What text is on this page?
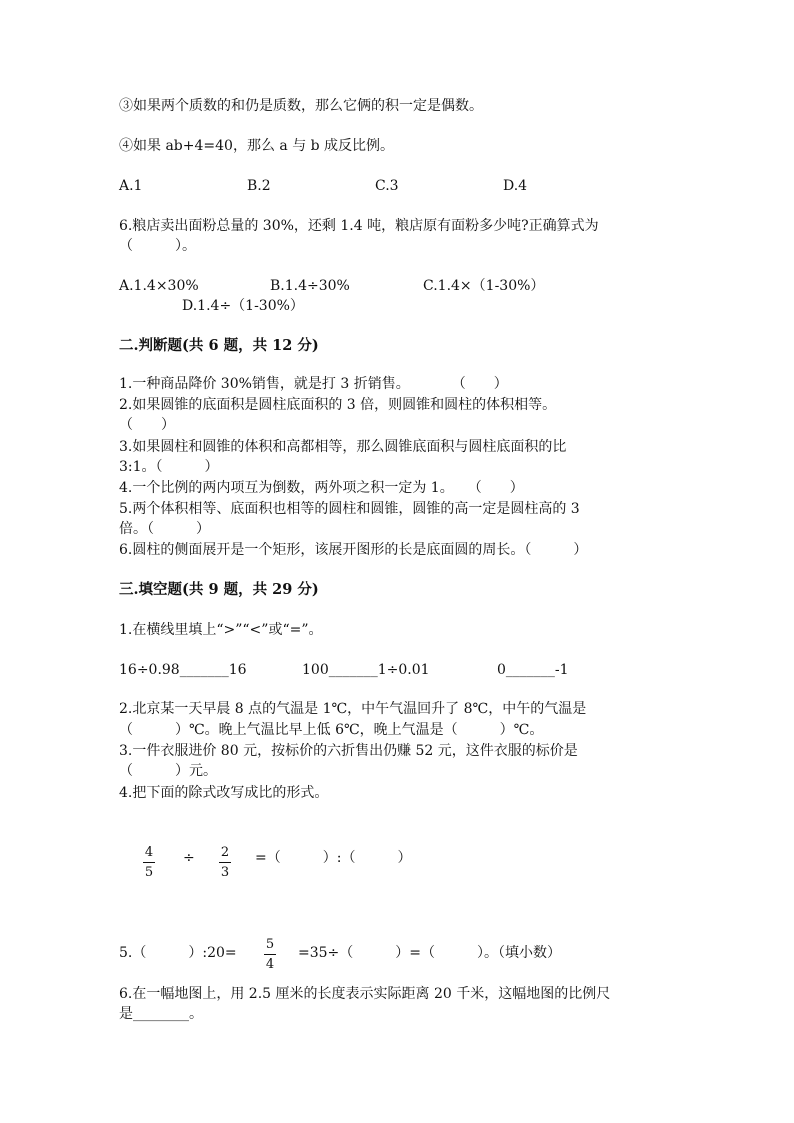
③如果两个质数的和仍是质数，那么它俩的积一定是偶数。
④如果 ab+4=40，那么 a 与 b 成反比例。
A.1	B.2	C.3	D.4
6.粮店卖出面粉总量的 30%，还剩 1.4 吨，粮店原有面粉多少吨?正确算式为
（　　　）。
A.1.4×30%	B.1.4÷30%	C.1.4×（1-30%）
D.1.4÷（1-30%）
二.判断题(共 6 题，共 12 分)
1.一种商品降价 30%销售，就是打 3 折销售。　　　　（　　）
2.如果圆锥的底面积是圆柱底面积的 3 倍，则圆锥和圆柱的体积相等。
（　　）
3.如果圆柱和圆锥的体积和高都相等，那么圆锥底面积与圆柱底面积的比
3:1。（　　　）
4.一个比例的两内项互为倒数，两外项之积一定为 1。　　（　　）
5.两个体积相等、底面积也相等的圆柱和圆锥，圆锥的高一定是圆柱高的 3
倍。（　　　）
6.圆柱的侧面展开是一个矩形，该展开图形的长是底面圆的周长。（　　　）
三.填空题(共 9 题，共 29 分)
1.在横线里填上“>”“<”或“=”。
16÷0.98_______16	100_______1÷0.01	0_______-1
2.北京某一天早晨 8 点的气温是 1℃，中午气温回升了 8℃，中午的气温是
（　　　）℃。晚上气温比早上低 6℃，晚上气温是（　　　）℃。
3.一件衣服进价 80 元，按标价的六折售出仍赚 52 元，这件衣服的标价是
（　　　）元。
4.把下面的除式改写成比的形式。
4
5
÷ 2
3
=（　　　）:（　　　）
5.（　　　）:20=
5
4
=35÷（　　　）=（　　　）。（填小数）
6.在一幅地图上，用 2.5 厘米的长度表示实际距离 20 千米，这幅地图的比例尺
是________。
